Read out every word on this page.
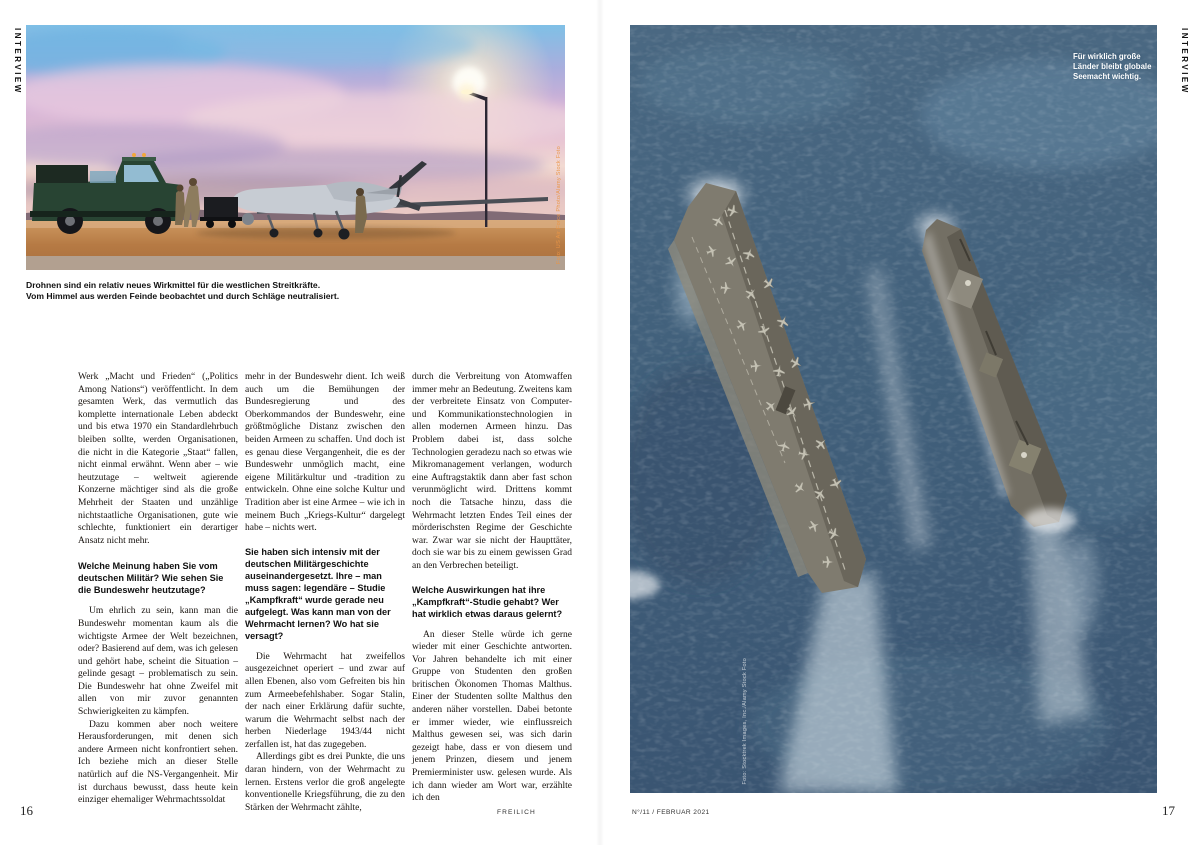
INTERVIEW
Foto: US Air Force Photo/Alamy Stock Foto
Drohnen sind ein relativ neues Wirkmittel für die westlichen Streitkräfte.
Vom Himmel aus werden Feinde beobachtet und durch Schläge neutralisiert.

Werk „Macht und Frieden“ („Politics Among Nations“) veröffentlicht. In dem gesamten Werk, das vermutlich das komplette internationale Leben abdeckt und bis etwa 1970 ein Standardlehrbuch bleiben sollte, werden Organisationen, die nicht in die Kategorie „Staat“ fallen, nicht einmal erwähnt. Wenn aber – wie heutzutage – weltweit agierende Konzerne mächtiger sind als die große Mehrheit der Staaten und unzählige nichtstaatliche Organisationen, gute wie schlechte, funktioniert ein derartiger Ansatz nicht mehr.

Welche Meinung haben Sie vom deutschen Militär? Wie sehen Sie die Bundeswehr heutzutage?

Um ehrlich zu sein, kann man die Bundeswehr momentan kaum als die wichtigste Armee der Welt bezeichnen, oder? Basierend auf dem, was ich gelesen und gehört habe, scheint die Situation – gelinde gesagt – problematisch zu sein. Die Bundeswehr hat ohne Zweifel mit allen von mir zuvor genannten Schwierigkeiten zu kämpfen.

Dazu kommen aber noch weitere Herausforderungen, mit denen sich andere Armeen nicht konfrontiert sehen. Ich beziehe mich an dieser Stelle natürlich auf die NS-Vergangenheit. Mir ist durchaus bewusst, dass heute kein einziger ehemaliger Wehrmachtssoldat

mehr in der Bundeswehr dient. Ich weiß auch um die Bemühungen der Bundesregierung und des Oberkommandos der Bundeswehr, eine größtmögliche Distanz zwischen den beiden Armeen zu schaffen. Und doch ist es genau diese Vergangenheit, die es der Bundeswehr unmöglich macht, eine eigene Militärkultur und -tradition zu entwickeln. Ohne eine solche Kultur und Tradition aber ist eine Armee – wie ich in meinem Buch „Kriegs-Kultur“ dargelegt habe – nichts wert.

Sie haben sich intensiv mit der deutschen Militärgeschichte auseinandergesetzt. Ihre – man muss sagen: legendäre – Studie „Kampfkraft“ wurde gerade neu aufgelegt. Was kann man von der Wehrmacht lernen? Wo hat sie versagt?

Die Wehrmacht hat zweifellos ausgezeichnet operiert – und zwar auf allen Ebenen, also vom Gefreiten bis hin zum Armeebefehlshaber. Sogar Stalin, der nach einer Erklärung dafür suchte, warum die Wehrmacht selbst nach der herben Niederlage 1943/44 nicht zerfallen ist, hat das zugegeben.

Allerdings gibt es drei Punkte, die uns daran hindern, von der Wehrmacht zu lernen. Erstens verlor die groß angelegte konventionelle Kriegsführung, die zu den Stärken der Wehrmacht zählte,

durch die Verbreitung von Atomwaffen immer mehr an Bedeutung. Zweitens kam der verbreitete Einsatz von Computer- und Kommunikationstechnologien in allen modernen Armeen hinzu. Das Problem dabei ist, dass solche Technologien geradezu nach so etwas wie Mikromanagement verlangen, wodurch eine Auftragstaktik dann aber fast schon verunmöglicht wird. Drittens kommt noch die Tatsache hinzu, dass die Wehrmacht letzten Endes Teil eines der mörderischsten Regime der Geschichte war. Zwar war sie nicht der Haupttäter, doch sie war bis zu einem gewissen Grad an den Verbrechen beteiligt.

Welche Auswirkungen hat ihre „Kampfkraft“-Studie gehabt? Wer hat wirklich etwas daraus gelernt?

An dieser Stelle würde ich gerne wieder mit einer Geschichte antworten. Vor Jahren behandelte ich mit einer Gruppe von Studenten den großen britischen Ökonomen Thomas Malthus. Einer der Studenten sollte Malthus den anderen näher vorstellen. Dabei betonte er immer wieder, wie einflussreich Malthus gewesen sei, was sich darin gezeigt habe, dass er von diesem und jenem Prinzen, diesem und jenem Premierminister usw. gelesen wurde. Als ich dann wieder am Wort war, erzählte ich den

Für wirklich große
Länder bleibt globale
Seemacht wichtig.
Foto: Stocktrek Images, Inc./Alamy Stock Foto
INTERVIEW
16	FREILICH	N°/11 / FEBRUAR 2021	17
